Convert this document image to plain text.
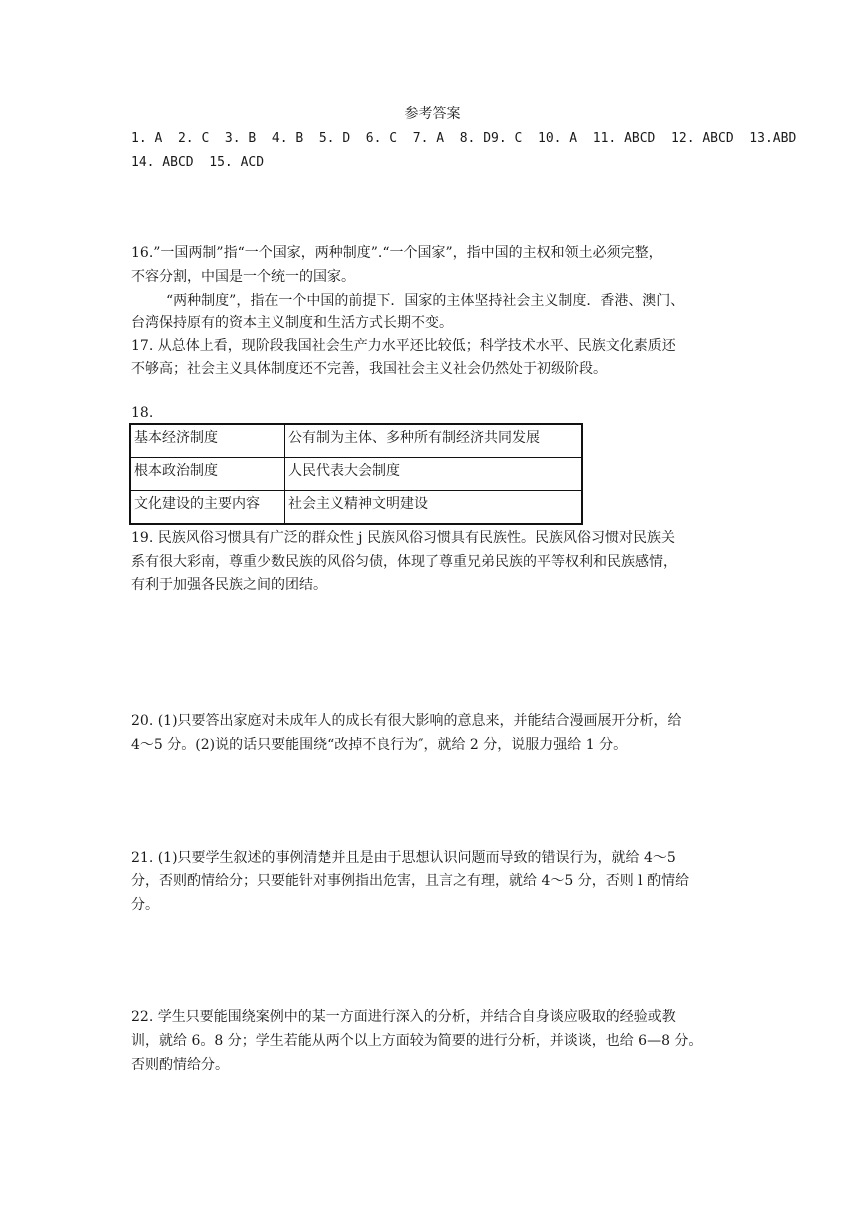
参考答案
1. A  2. C  3. B  4. B  5. D  6. C  7. A  8. D9. C  10. A  11. ABCD  12. ABCD  13.ABD
14. ABCD  15. ACD
16.”一国两制”指“一个国家，两种制度”.“一个国家”，指中国的主权和领土必须完整，
不容分割，中国是一个统一的国家。
“两种制度”，指在一个中国的前提下．国家的主体坚持社会主义制度．香港、澳门、
台湾保持原有的资本主义制度和生活方式长期不变。
17. 从总体上看，现阶段我国社会生产力水平还比较低；科学技术水平、民族文化素质还
不够高；社会主义具体制度还不完善，我国社会主义社会仍然处于初级阶段。
18.
基本经济制度	公有制为主体、多种所有制经济共同发展
根本政治制度	人民代表大会制度
文化建设的主要内容	社会主义精神文明建设
19. 民族风俗习惯具有广泛的群众性 j 民族风俗习惯具有民族性。民族风俗习惯对民族关
系有很大彩南，尊重少数民族的风俗匀债，体现了尊重兄弟民族的平等权利和民族感情，
有利于加强各民族之间的团结。
20. (1)只要答出家庭对未成年人的成长有很大影响的意息来，并能结合漫画展开分析，给
4～5 分。(2)说的话只要能围绕“改掉不良行为″，就给 2 分，说服力强给 1 分。
21. (1)只要学生叙述的事例清楚并且是由于思想认识问题而导致的错误行为，就给 4～5
分，否则酌情给分；只要能针对事例指出危害，且言之有理，就给 4～5 分，否则 l 酌情给
分。
22. 学生只要能围绕案例中的某一方面进行深入的分析，并结合自身谈应吸取的经验或教
训，就给 6。8 分；学生若能从两个以上方面较为简要的进行分析，并谈谈，也给 6—8 分。
否则酌情给分。
